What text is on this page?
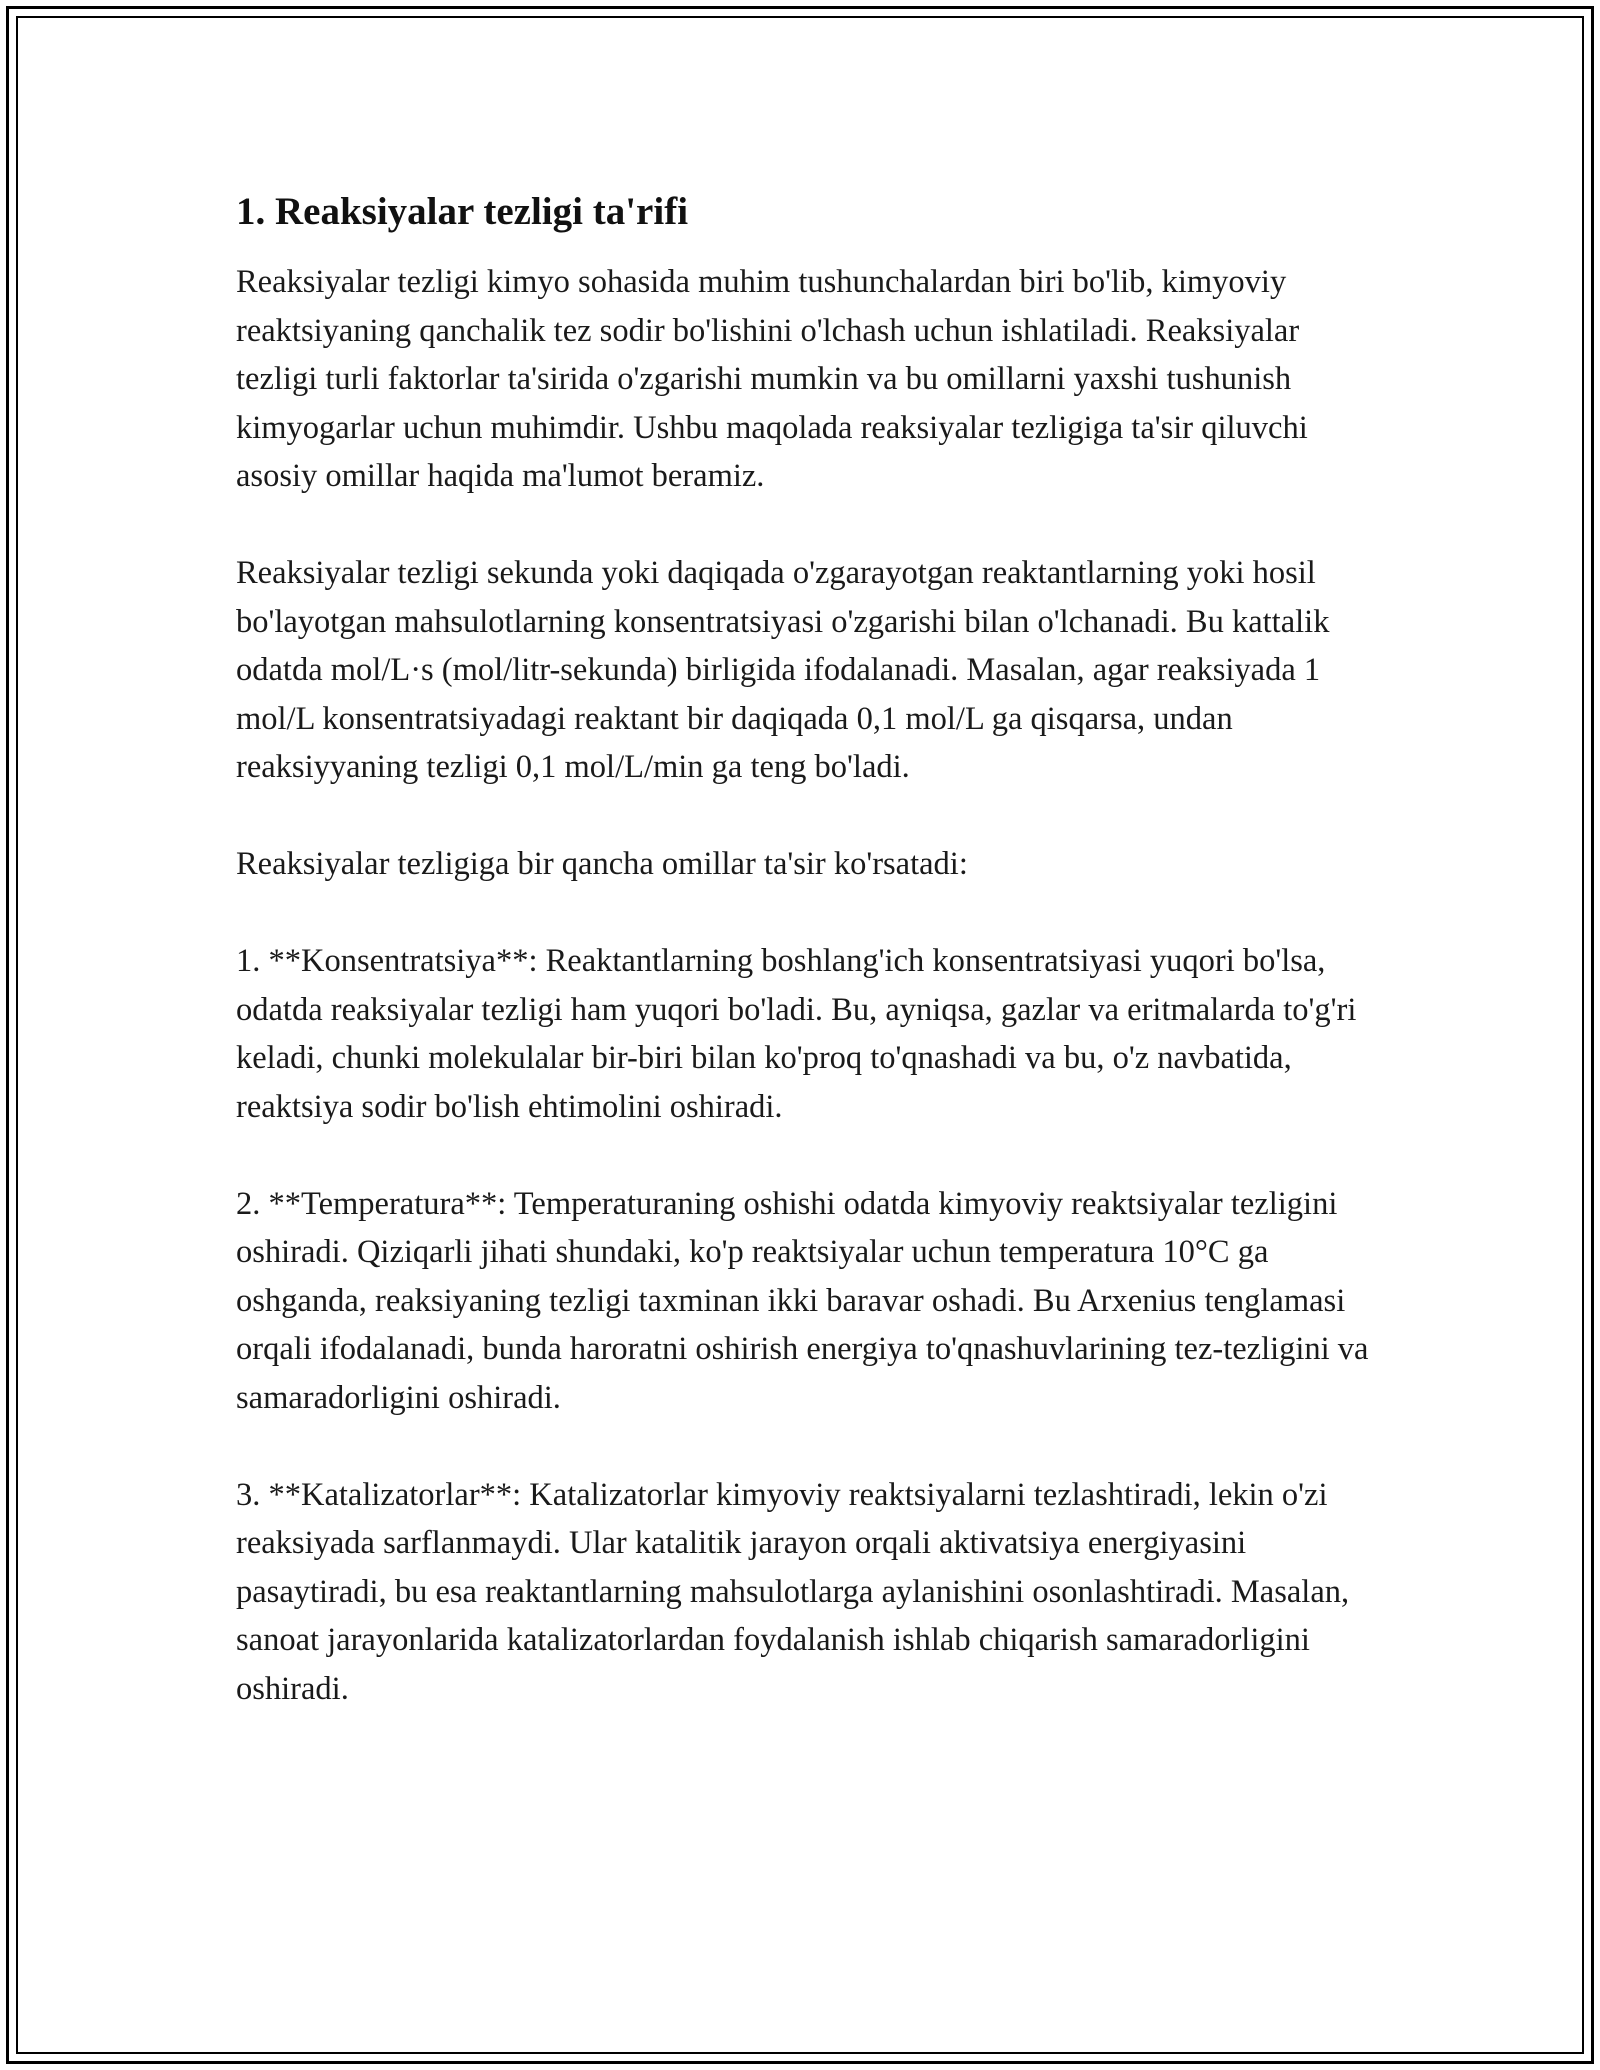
1. Reaksiyalar tezligi ta'rifi

Reaksiyalar tezligi kimyo sohasida muhim tushunchalardan biri bo'lib, kimyoviy reaktsiyaning qanchalik tez sodir bo'lishini o'lchash uchun ishlatiladi. Reaksiyalar tezligi turli faktorlar ta'sirida o'zgarishi mumkin va bu omillarni yaxshi tushunish kimyogarlar uchun muhimdir. Ushbu maqolada reaksiyalar tezligiga ta'sir qiluvchi asosiy omillar haqida ma'lumot beramiz.

Reaksiyalar tezligi sekunda yoki daqiqada o'zgarayotgan reaktantlarning yoki hosil bo'layotgan mahsulotlarning konsentratsiyasi o'zgarishi bilan o'lchanadi. Bu kattalik odatda mol/L·s (mol/litr-sekunda) birligida ifodalanadi. Masalan, agar reaksiyada 1 mol/L konsentratsiyadagi reaktant bir daqiqada 0,1 mol/L ga qisqarsa, undan reaksiyyaning tezligi 0,1 mol/L/min ga teng bo'ladi.

Reaksiyalar tezligiga bir qancha omillar ta'sir ko'rsatadi:

1. **Konsentratsiya**: Reaktantlarning boshlang'ich konsentratsiyasi yuqori bo'lsa, odatda reaksiyalar tezligi ham yuqori bo'ladi. Bu, ayniqsa, gazlar va eritmalarda to'g'ri keladi, chunki molekulalar bir-biri bilan ko'proq to'qnashadi va bu, o'z navbatida, reaktsiya sodir bo'lish ehtimolini oshiradi.

2. **Temperatura**: Temperaturaning oshishi odatda kimyoviy reaktsiyalar tezligini oshiradi. Qiziqarli jihati shundaki, ko'p reaktsiyalar uchun temperatura 10°C ga oshganda, reaksiyaning tezligi taxminan ikki baravar oshadi. Bu Arxenius tenglamasi orqali ifodalanadi, bunda haroratni oshirish energiya to'qnashuvlarining tez-tezligini va samaradorligini oshiradi.

3. **Katalizatorlar**: Katalizatorlar kimyoviy reaktsiyalarni tezlashtiradi, lekin o'zi reaksiyada sarflanmaydi. Ular katalitik jarayon orqali aktivatsiya energiyasini pasaytiradi, bu esa reaktantlarning mahsulotlarga aylanishini osonlashtiradi. Masalan, sanoat jarayonlarida katalizatorlardan foydalanish ishlab chiqarish samaradorligini oshiradi.
